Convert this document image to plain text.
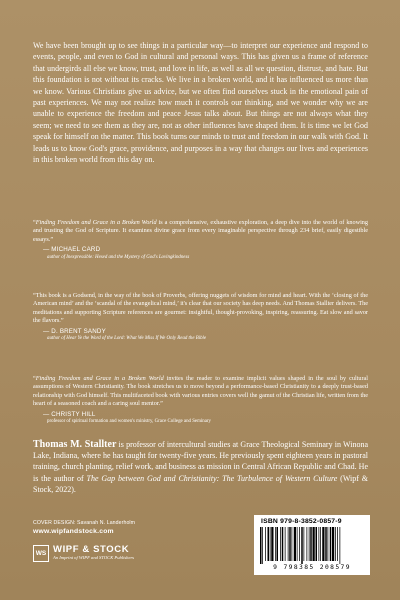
We have been brought up to see things in a particular way—to interpret our experience and respond to events, people, and even to God in cultural and personal ways. This has given us a frame of reference that undergirds all else we know, trust, and love in life, as well as all we question, distrust, and hate. But this foundation is not without its cracks. We live in a broken world, and it has influenced us more than we know. Various Christians give us advice, but we often find ourselves stuck in the emotional pain of past experiences. We may not realize how much it controls our thinking, and we wonder why we are unable to experience the freedom and peace Jesus talks about. But things are not always what they seem; we need to see them as they are, not as other influences have shaped them. It is time we let God speak for himself on the matter. This book turns our minds to trust and freedom in our walk with God. It leads us to know God's grace, providence, and purposes in a way that changes our lives and experiences in this broken world from this day on.

“Finding Freedom and Grace in a Broken World is a comprehensive, exhaustive exploration, a deep dive into the world of knowing and trusting the God of Scripture. It examines divine grace from every imaginable perspective through 234 brief, easily digestible essays.”

— MICHAEL CARD

author of Inexpressible: Hesed and the Mystery of God's Lovingkindness

“This book is a Godsend, in the way of the book of Proverbs, offering nuggets of wisdom for mind and heart. With the ‘closing of the American mind’ and the ‘scandal of the evangelical mind,’ it's clear that our society has deep needs. And Thomas Stallter delivers. The meditations and supporting Scripture references are gourmet: insightful, thought-provoking, inspiring, reassuring. Eat slow and savor the flavors.”

— D. BRENT SANDY

author of Hear Ye the Word of the Lord: What We Miss If We Only Read the Bible

“Finding Freedom and Grace in a Broken World invites the reader to examine implicit values shaped in the soul by cultural assumptions of Western Christianity. The book stretches us to move beyond a performance-based Christianity to a deeply trust-based relationship with God himself. This multifaceted book with various entries covers well the gamut of the Christian life, written from the heart of a seasoned coach and a caring soul mentor.”

— CHRISTY HILL

professor of spiritual formation and women's ministry, Grace College and Seminary

Thomas M. Stallter is professor of intercultural studies at Grace Theological Seminary in Winona Lake, Indiana, where he has taught for twenty-five years. He previously spent eighteen years in pastoral training, church planting, relief work, and business as mission in Central African Republic and Chad. He is the author of The Gap between God and Christianity: The Turbulence of Western Culture (Wipf & Stock, 2022).
COVER DESIGN: Savanah N. Landerholm
www.wipfandstock.com
WS WIPF & STOCK
An Imprint of WIPF and STOCK Publishers
ISBN 979-8-3852-0857-9
9 798385 208579
